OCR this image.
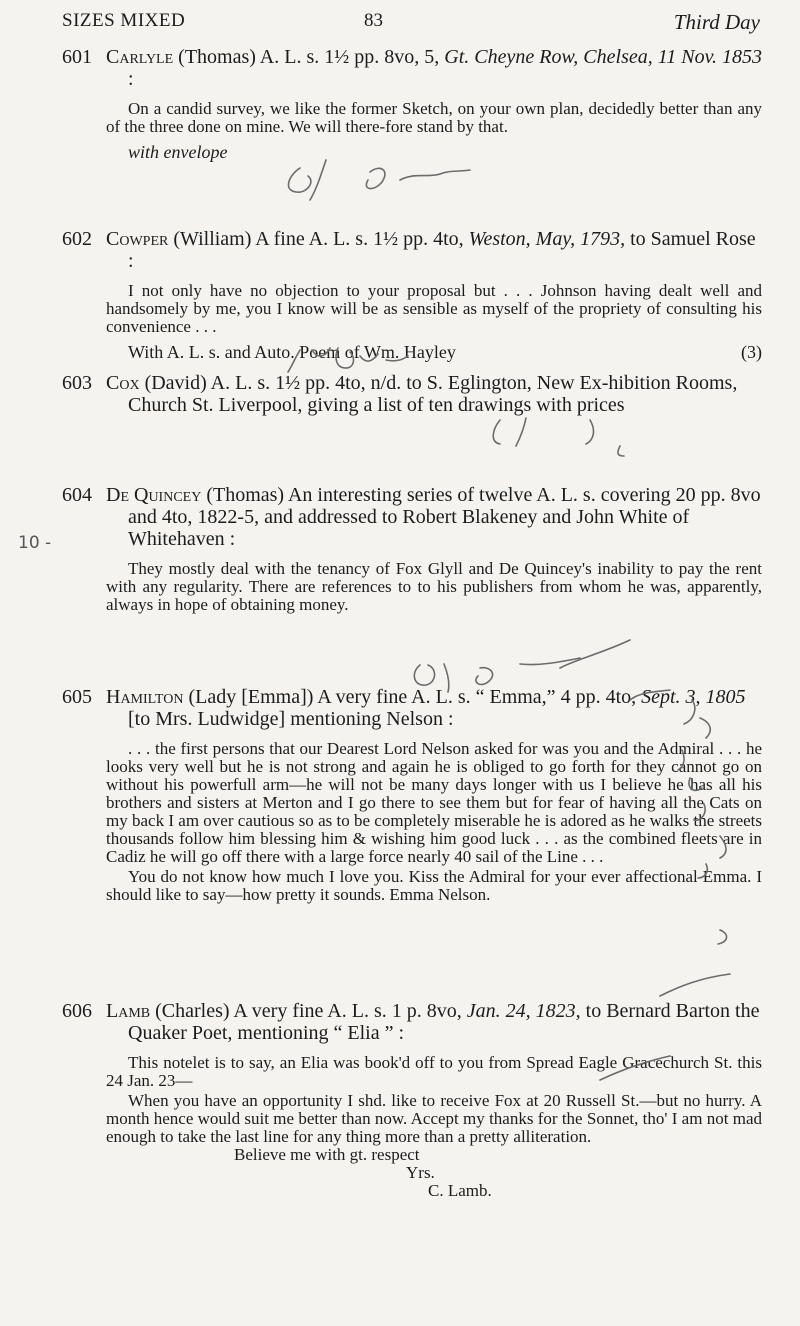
SIZES MIXED	83	Third Day
10 -
601 Carlyle (Thomas) A. L. s. 1½ pp. 8vo, 5, Gt. Cheyne Row, Chelsea, 11 Nov. 1853 :
On a candid survey, we like the former Sketch, on your own plan, decidedly better than any of the three done on mine. We will there-fore stand by that.
with envelope
602 Cowper (William) A fine A. L. s. 1½ pp. 4to, Weston, May, 1793, to Samuel Rose :
I not only have no objection to your proposal but . . . Johnson having dealt well and handsomely by me, you I know will be as sensible as myself of the propriety of consulting his convenience . . .
With A. L. s. and Auto. Poem of Wm. Hayley	(3)
603 Cox (David) A. L. s. 1½ pp. 4to, n/d. to S. Eglington, New Ex-hibition Rooms, Church St. Liverpool, giving a list of ten drawings with prices
604 De Quincey (Thomas) An interesting series of twelve A. L. s. covering 20 pp. 8vo and 4to, 1822-5, and addressed to Robert Blakeney and John White of Whitehaven :
They mostly deal with the tenancy of Fox Glyll and De Quincey's inability to pay the rent with any regularity. There are references to to his publishers from whom he was, apparently, always in hope of obtaining money.
605 Hamilton (Lady [Emma]) A very fine A. L. s. “ Emma,” 4 pp. 4to, Sept. 3, 1805 [to Mrs. Ludwidge] mentioning Nelson :
. . . the first persons that our Dearest Lord Nelson asked for was you and the Admiral . . . he looks very well but he is not strong and again he is obliged to go forth for they cannot go on without his powerfull arm—he will not be many days longer with us I believe he has all his brothers and sisters at Merton and I go there to see them but for fear of having all the Cats on my back I am over cautious so as to be completely miserable he is adored as he walks the streets thousands follow him blessing him & wishing him good luck . . . as the combined fleets are in Cadiz he will go off there with a large force nearly 40 sail of the Line . . .
You do not know how much I love you. Kiss the Admiral for your ever affectional Emma. I should like to say—how pretty it sounds. Emma Nelson.
606 Lamb (Charles) A very fine A. L. s. 1 p. 8vo, Jan. 24, 1823, to Bernard Barton the Quaker Poet, mentioning “ Elia ” :
This notelet is to say, an Elia was book'd off to you from Spread Eagle Gracechurch St. this 24 Jan. 23—
When you have an opportunity I shd. like to receive Fox at 20 Russell St.—but no hurry. A month hence would suit me better than now. Accept my thanks for the Sonnet, tho' I am not mad enough to take the last line for any thing more than a pretty alliteration.
Believe me with gt. respect
Yrs.
C. Lamb.
